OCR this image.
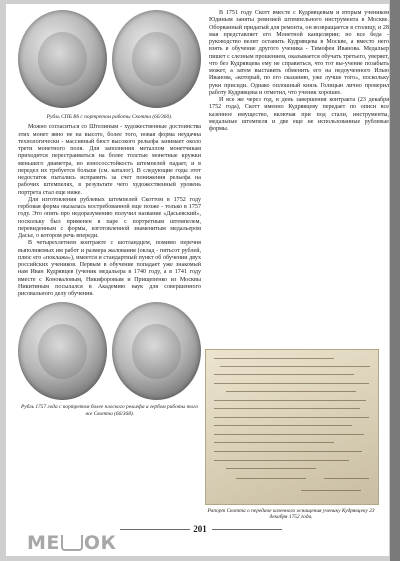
Рубль СПБ BS с портретом работы Скотта (66/360).

Можно согласиться со Штелиным - художественные достоинства этих монет явно не на высоте, более того, новая форма неудачна технологически - массивный бюст высокого рельефа занимает около трети монетного поля. Для заполнения металлом монетчикам приходится перестраиваться на более толстые монетные кружки меньшего диаметра, но износосстойкость штемпелей падает, и в передел их требуется больше (см. каталог). В следующие годы этот недостаток пытались исправить за счет понижения рельефа на рабочих штемпелях, в результате чего художественный уровень портрета стал еще ниже.

Для изготовления рублевых штемпелей Скоттом в 1752 году гербовая форма оказалась востребованной еще позже - только в 1757 году. Это опять про недоразумению получил название «Дасьевский», поскольку был применен в паре с портретным штемпелем, перевиденным с формы, изготовленной знаменитым медальером Дасье, о котором речь впереди.

В четырехлетнем контракте с шотландцем, помимо перечня выполняемых им работ и размера жалования (оклад - пятьсот рублей, плюс его «поклажа»), имеется и стандартный пункт об обучении двух российских учеников. Первым в обучение попадает уже знакомый нам Иван Кудрявцев (ученик медальера в 1740 году, а в 1741 году вместе с Коноваловым, Никифоровым и Прищепенко из Москвы Никитиным посылался в Академию наук для совершенного рисовального делу обучения.

Рубль 1757 года с портретом более плоского рельефа и гербом работы того же Скотта (66/368).

В 1751 году Скотт вместе с Кудрявцевым и вторым учеником Юдиным заняты ревизией штемпельного инструмента в Москве. Оборванный придатый для ремонта, он возвращается в столицу, и 28 мая представляет его Монетной канцелярии; но все беда - руководство велит оставить Кудрявцева в Москве, а вместо него взять в обучение другого ученика - Тимофея Иванова. Медальер пишет с слезным прошением, оказывается обучать третьего, уверяет, что без Кудрявцева ему не справиться, что тот вы-учение позабыть может, а затем выставить обменить его на недоученного Илью Иванова, «который, по его сказанию, уже лучше того», поскольку руки присиди. Однако оплошный князь Голицын лично проверил работу Кудрявцева и отметил, что ученик хорошее.

И все же через год, в день завершения контракта (23 декабря 1752 года), Скотт именно Кудрявцеву передает по описи все казенное имущество, включая при под стали, инструменты, медальные штемпеля и две еще не использованные рублевые формы.

Рапорт Скотта о передаче казенного оснащения ученику Кудрявцеву 23 декабря 1752 года.
201
МЕ ОК
